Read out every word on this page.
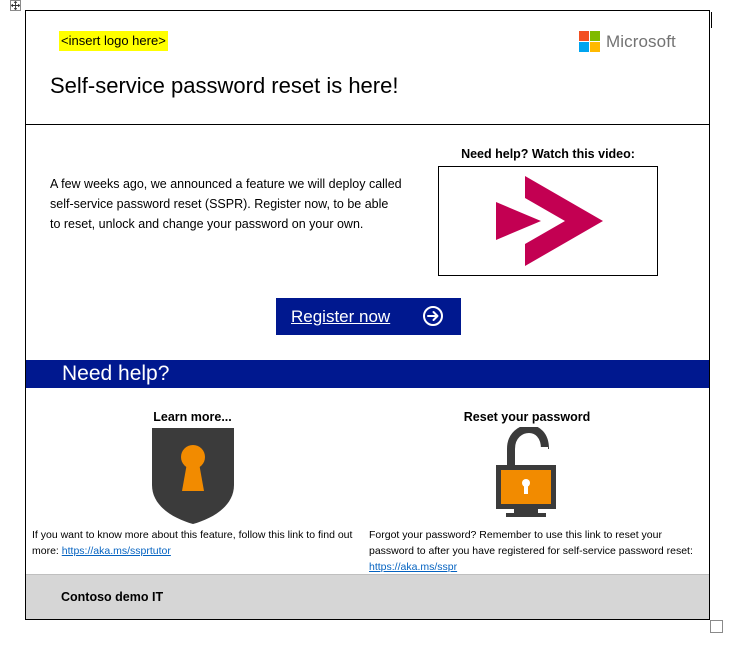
<insert logo here>	Microsoft
Self-service password reset is here!
A few weeks ago, we announced a feature we will deploy called self-service password reset (SSPR). Register now, to be able to reset, unlock and change your password on your own.
Need help? Watch this video:
Register now
Need help?
Learn more...
If you want to know more about this feature, follow this link to find out more: https://aka.ms/ssprtutor
Reset your password
Forgot your password? Remember to use this link to reset your password to after you have registered for self-service password reset: https://aka.ms/sspr
Contoso demo IT
